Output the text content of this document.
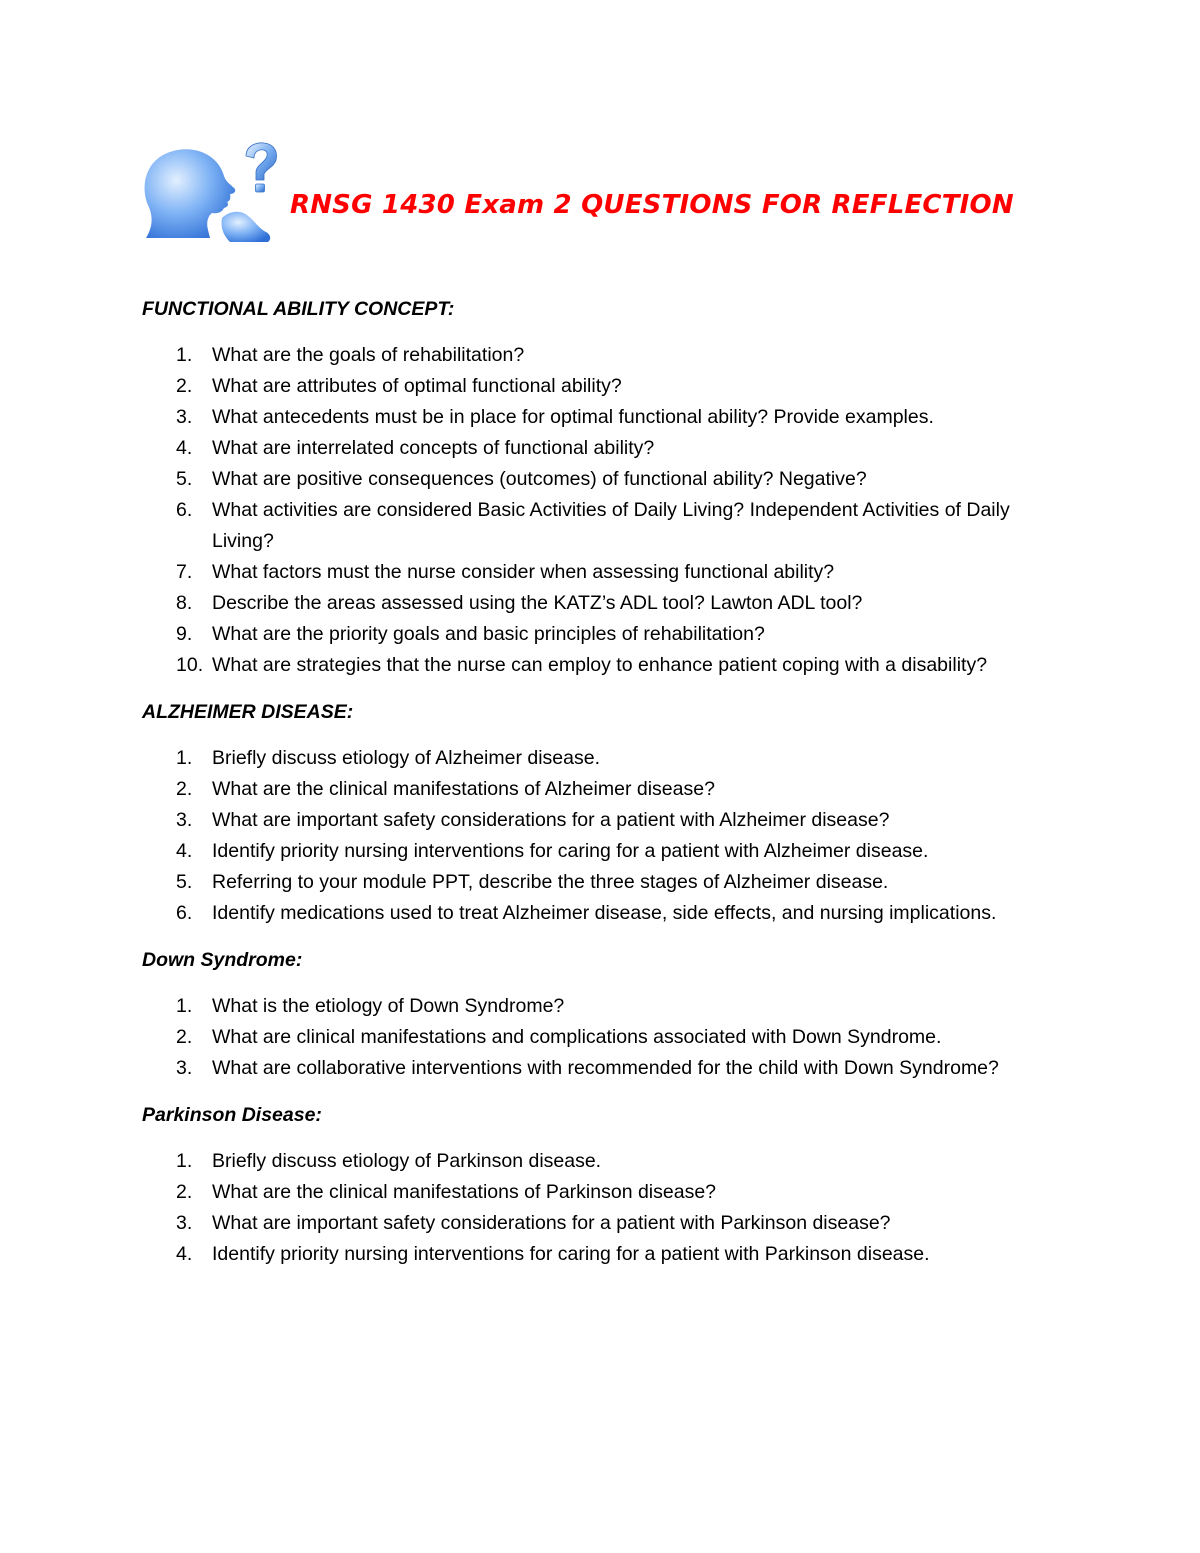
RNSG 1430 Exam 2 QUESTIONS FOR REFLECTION
FUNCTIONAL ABILITY CONCEPT:
1.	What are the goals of rehabilitation?
2.	What are attributes of optimal functional ability?
3.	What antecedents must be in place for optimal functional ability? Provide examples.
4.	What are interrelated concepts of functional ability?
5.	What are positive consequences (outcomes) of functional ability? Negative?
6.	What activities are considered Basic Activities of Daily Living? Independent Activities of Daily Living?
7.	What factors must the nurse consider when assessing functional ability?
8.	Describe the areas assessed using the KATZ’s ADL tool? Lawton ADL tool?
9.	What are the priority goals and basic principles of rehabilitation?
10. What are strategies that the nurse can employ to enhance patient coping with a disability?
ALZHEIMER DISEASE:
1.	Briefly discuss etiology of Alzheimer disease.
2.	What are the clinical manifestations of Alzheimer disease?
3.	What are important safety considerations for a patient with Alzheimer disease?
4.	Identify priority nursing interventions for caring for a patient with Alzheimer disease.
5.	Referring to your module PPT, describe the three stages of Alzheimer disease.
6.	Identify medications used to treat Alzheimer disease, side effects, and nursing implications.
Down Syndrome:
1.	What is the etiology of Down Syndrome?
2.	What are clinical manifestations and complications associated with Down Syndrome.
3.	What are collaborative interventions with recommended for the child with Down Syndrome?
Parkinson Disease:
1.	Briefly discuss etiology of Parkinson disease.
2.	What are the clinical manifestations of Parkinson disease?
3.	What are important safety considerations for a patient with Parkinson disease?
4.	Identify priority nursing interventions for caring for a patient with Parkinson disease.
